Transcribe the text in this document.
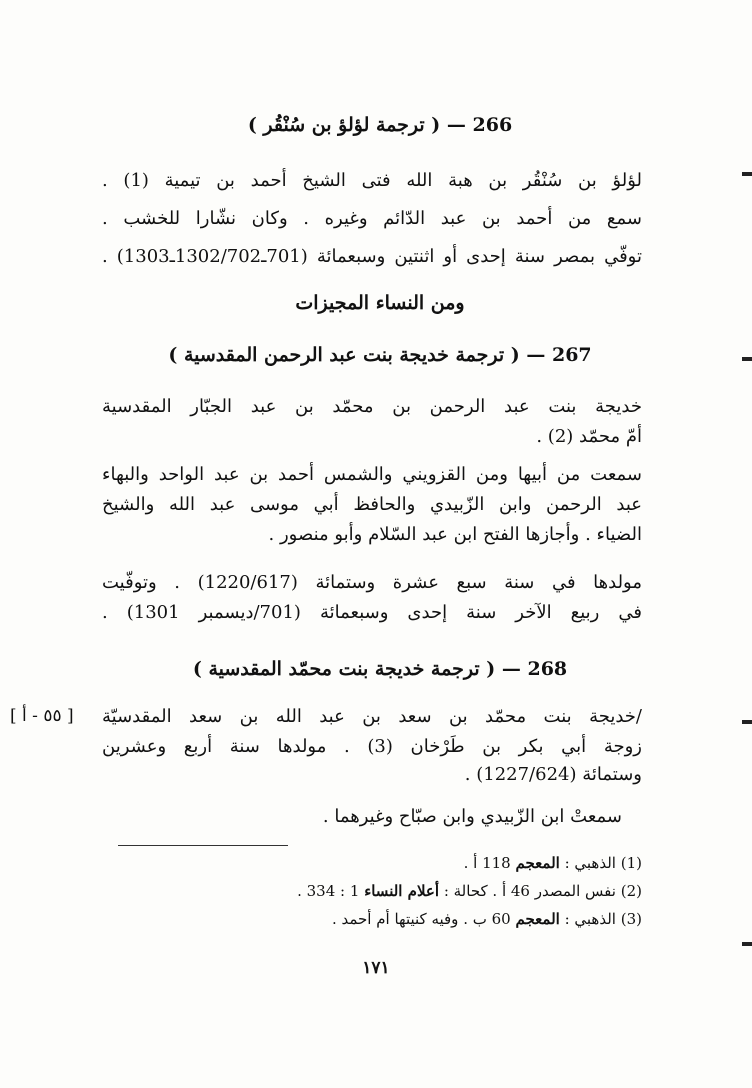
266 — ( ترجمة لؤلؤ بن سُنْقُر )
لؤلؤ بن سُنْقُر بن هبة الله فتى الشيخ أحمد بن تيمية (1) .
سمع من أحمد بن عبد الدّائم وغيره . وكان نشّارا للخشب .
توفّي بمصر سنة إحدى أو اثنتين وسبعمائة (701ـ1302/702ـ1303) .
ومن النساء المجيزات
267 — ( ترجمة خديجة بنت عبد الرحمن المقدسية )
خديجة بنت عبد الرحمن بن محمّد بن عبد الجبّار المقدسية
أمّ محمّد (2) .
سمعت من أبيها ومن القزويني والشمس أحمد بن عبد الواحد والبهاء
عبد الرحمن وابن الزّبيدي والحافظ أبي موسى عبد الله والشيخ
الضياء . وأجازها الفتح ابن عبد السّلام وأبو منصور .
مولدها في سنة سبع عشرة وستمائة (1220/617) . وتوفّيت
في ربيع الآخر سنة إحدى وسبعمائة (701/ديسمبر 1301) .
268 — ( ترجمة خديجة بنت محمّد المقدسية )
[ ٥٥ - أ ] /خديجة بنت محمّد بن سعد بن عبد الله بن سعد المقدسيّة
زوجة أبي بكر بن طَرْخان (3) . مولدها سنة أربع وعشرين
وستمائة (1227/624) .
سمعتْ ابن الزّبيدي وابن صبّاح وغيرهما .
(1) الذهبي : المعجم 118 أ .
(2) نفس المصدر 46 أ . كحالة : أعلام النساء 1 : 334 .
(3) الذهبي : المعجم 60 ب . وفيه كنيتها أم أحمد .
١٧١
